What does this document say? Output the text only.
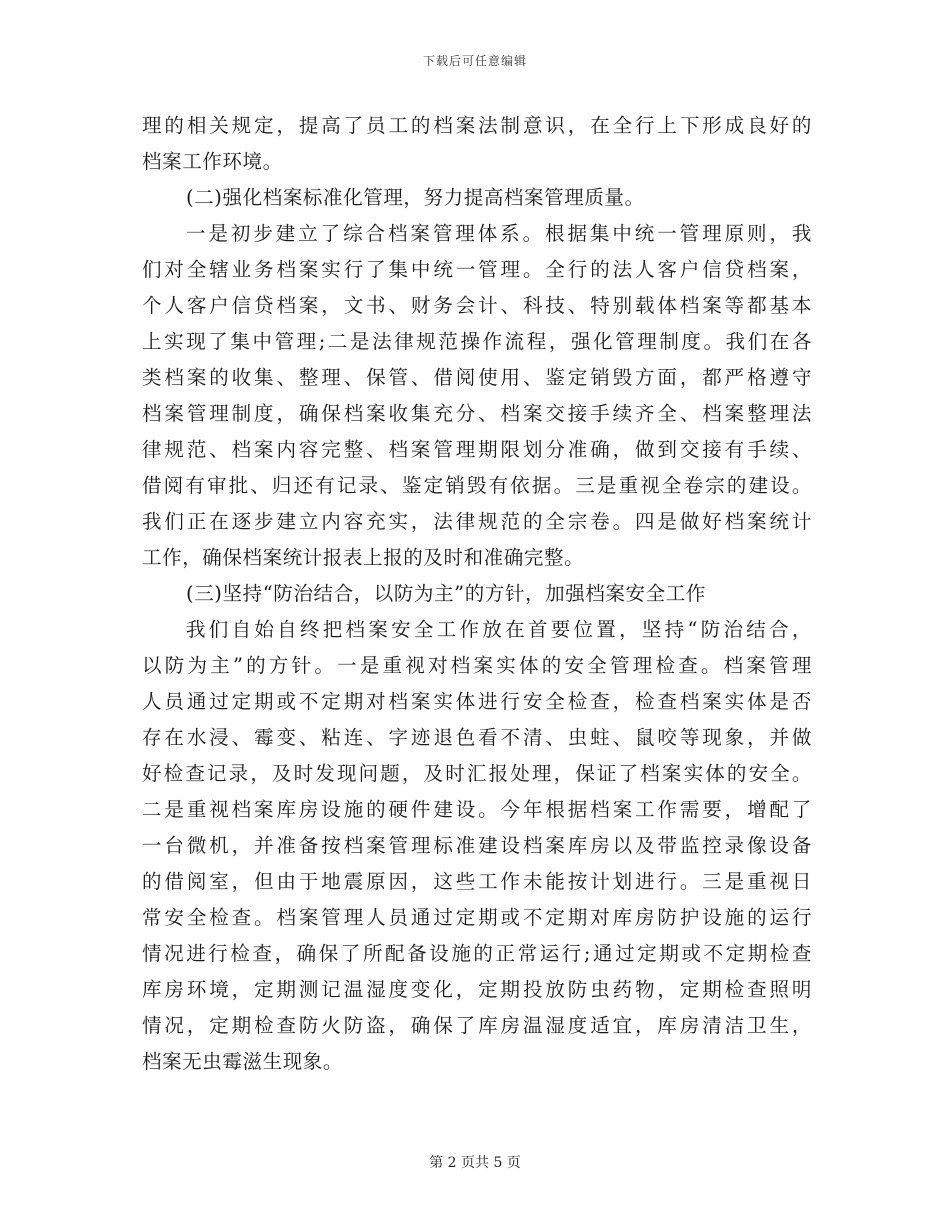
下载后可任意编辑
理的相关规定，提高了员工的档案法制意识，在全行上下形成良好的
档案工作环境。
(二)强化档案标准化管理，努力提高档案管理质量。
一是初步建立了综合档案管理体系。根据集中统一管理原则，我
们对全辖业务档案实行了集中统一管理。全行的法人客户信贷档案，
个人客户信贷档案，文书、财务会计、科技、特别载体档案等都基本
上实现了集中管理;二是法律规范操作流程，强化管理制度。我们在各
类档案的收集、整理、保管、借阅使用、鉴定销毁方面，都严格遵守
档案管理制度，确保档案收集充分、档案交接手续齐全、档案整理法
律规范、档案内容完整、档案管理期限划分准确，做到交接有手续、
借阅有审批、归还有记录、鉴定销毁有依据。三是重视全卷宗的建设。
我们正在逐步建立内容充实，法律规范的全宗卷。四是做好档案统计
工作，确保档案统计报表上报的及时和准确完整。
(三)坚持“防治结合，以防为主”的方针，加强档案安全工作
我们自始自终把档案安全工作放在首要位置，坚持“防治结合，
以防为主”的方针。一是重视对档案实体的安全管理检查。档案管理
人员通过定期或不定期对档案实体进行安全检查，检查档案实体是否
存在水浸、霉变、粘连、字迹退色看不清、虫蛀、鼠咬等现象，并做
好检查记录，及时发现问题，及时汇报处理，保证了档案实体的安全。
二是重视档案库房设施的硬件建设。今年根据档案工作需要，增配了
一台微机，并准备按档案管理标准建设档案库房以及带监控录像设备
的借阅室，但由于地震原因，这些工作未能按计划进行。三是重视日
常安全检查。档案管理人员通过定期或不定期对库房防护设施的运行
情况进行检查，确保了所配备设施的正常运行;通过定期或不定期检查
库房环境，定期测记温湿度变化，定期投放防虫药物，定期检查照明
情况，定期检查防火防盗，确保了库房温湿度适宜，库房清洁卫生，
档案无虫霉滋生现象。
第 2 页共 5 页
